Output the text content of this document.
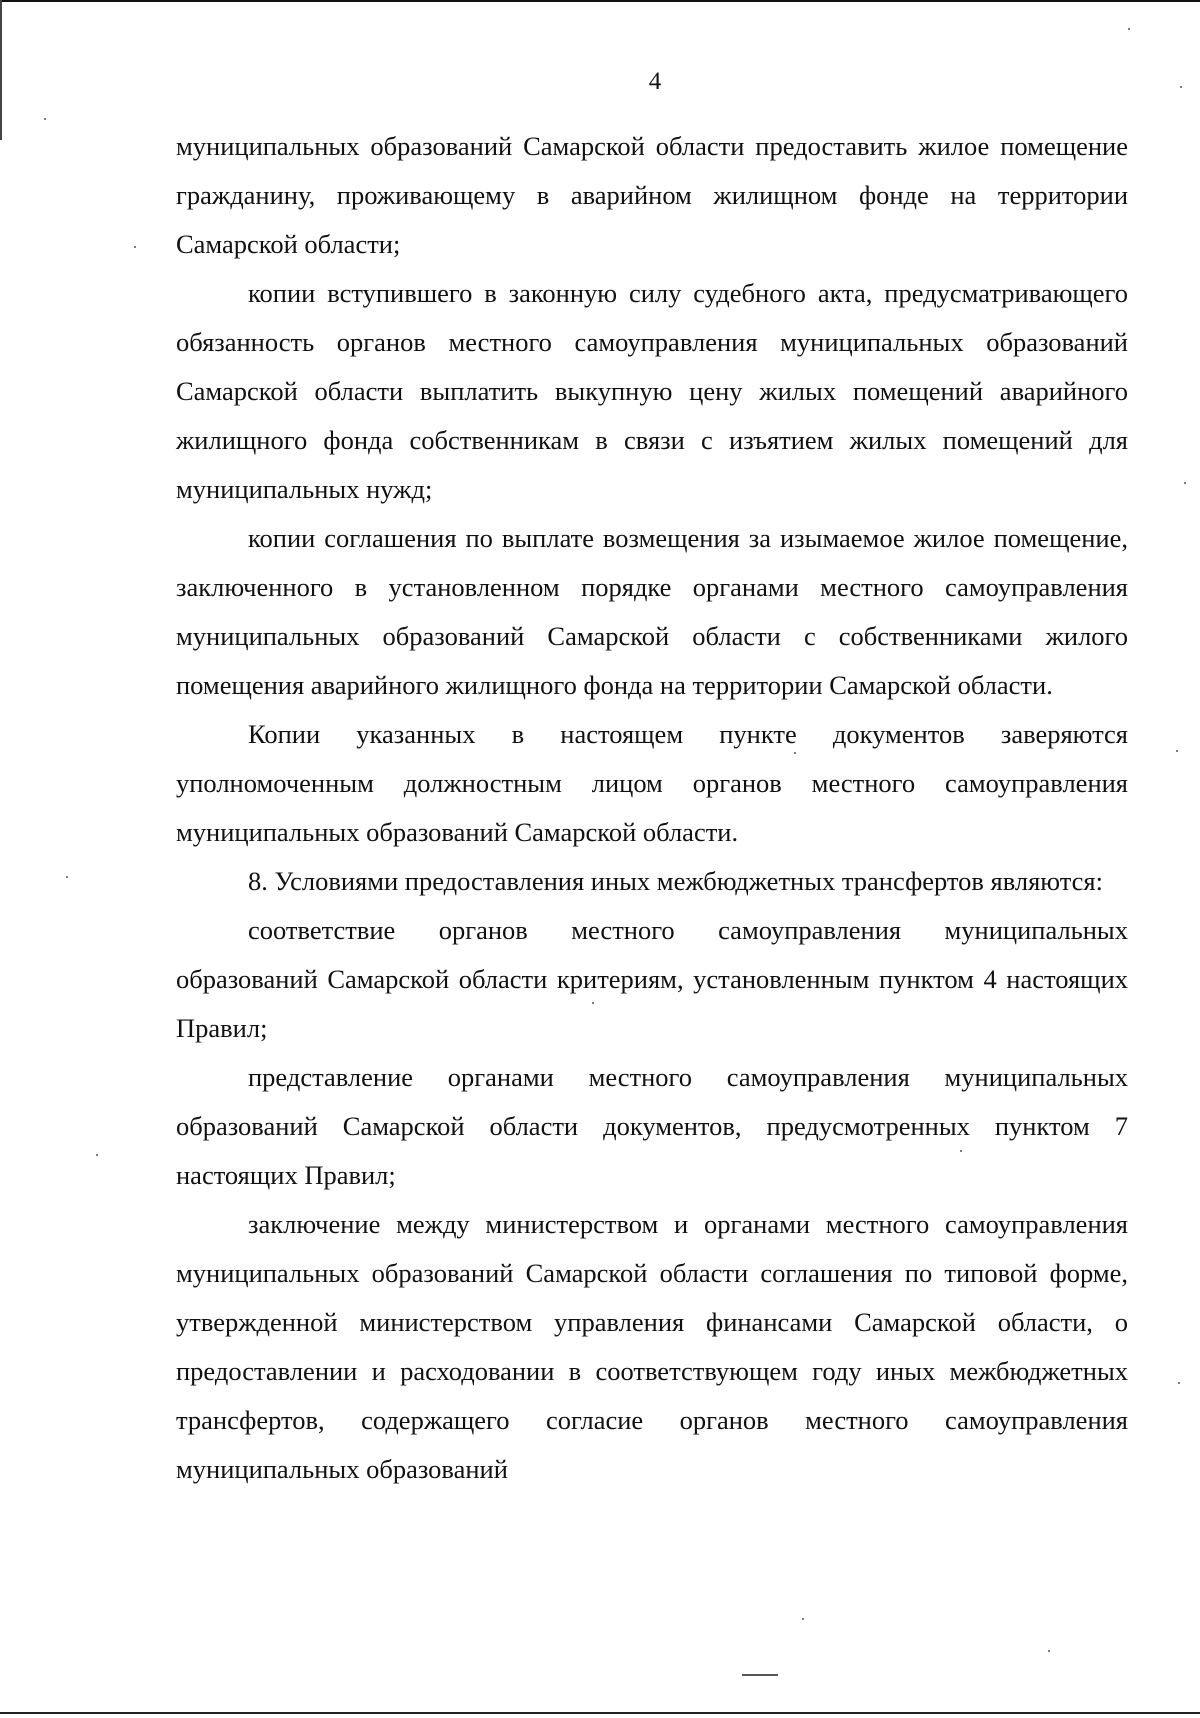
4

муниципальных образований Самарской области предоставить жилое помещение гражданину, проживающему в аварийном жилищном фонде на территории Самарской области;

копии вступившего в законную силу судебного акта, предусматривающего обязанность органов местного самоуправления муниципальных образований Самарской области выплатить выкупную цену жилых помещений аварийного жилищного фонда собственникам в связи с изъятием жилых помещений для муниципальных нужд;

копии соглашения по выплате возмещения за изымаемое жилое помещение, заключенного в установленном порядке органами местного самоуправления муниципальных образований Самарской области с собственниками жилого помещения аварийного жилищного фонда на территории Самарской области.

Копии указанных в настоящем пункте документов заверяются уполномоченным должностным лицом органов местного самоуправления муниципальных образований Самарской области.

8. Условиями предоставления иных межбюджетных трансфертов являются:

соответствие органов местного самоуправления муниципальных образований Самарской области критериям, установленным пунктом 4 настоящих Правил;

представление органами местного самоуправления муниципальных образований Самарской области документов, предусмотренных пунктом 7 настоящих Правил;

заключение между министерством и органами местного самоуправления муниципальных образований Самарской области соглашения по типовой форме, утвержденной министерством управления финансами Самарской области, о предоставлении и расходовании в соответствующем году иных межбюджетных трансфертов, содержащего согласие органов местного самоуправления муниципальных образований
